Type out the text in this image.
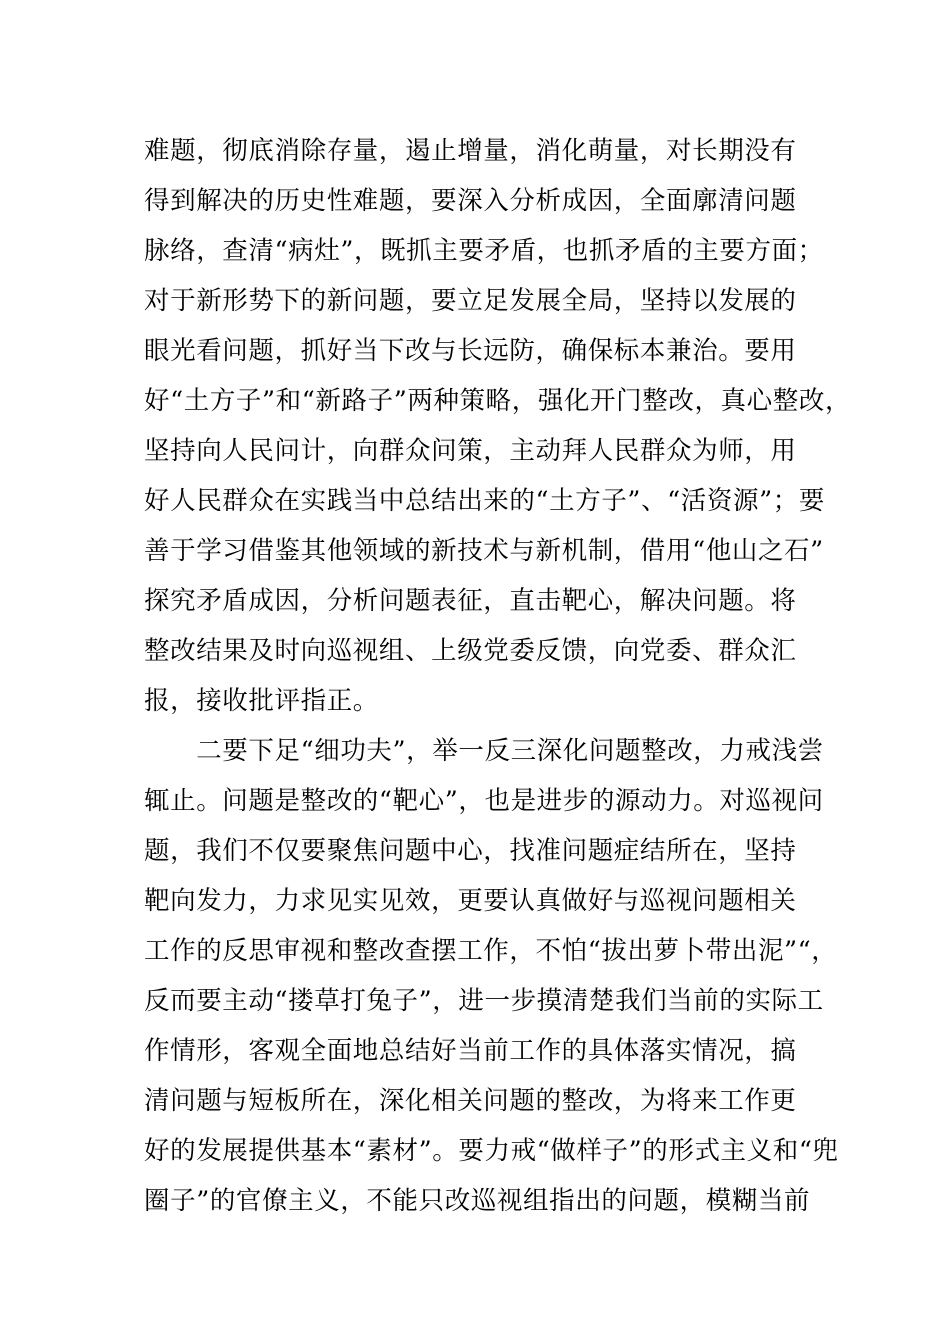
难题，彻底消除存量，遏止增量，消化萌量，对长期没有
得到解决的历史性难题，要深入分析成因，全面廓清问题
脉络，查清“病灶”，既抓主要矛盾，也抓矛盾的主要方面；
对于新形势下的新问题，要立足发展全局，坚持以发展的
眼光看问题，抓好当下改与长远防，确保标本兼治。要用
好“土方子”和“新路子”两种策略，强化开门整改，真心整改，
坚持向人民问计，向群众问策，主动拜人民群众为师，用
好人民群众在实践当中总结出来的“土方子”、“活资源”；要
善于学习借鉴其他领域的新技术与新机制，借用“他山之石”
探究矛盾成因，分析问题表征，直击靶心，解决问题。将
整改结果及时向巡视组、上级党委反馈，向党委、群众汇
报，接收批评指正。
　　二要下足“细功夫”，举一反三深化问题整改，力戒浅尝
辄止。问题是整改的“靶心”，也是进步的源动力。对巡视问
题，我们不仅要聚焦问题中心，找准问题症结所在，坚持
靶向发力，力求见实见效，更要认真做好与巡视问题相关
工作的反思审视和整改查摆工作，不怕“拔出萝卜带出泥”“，
反而要主动“搂草打兔子”，进一步摸清楚我们当前的实际工
作情形，客观全面地总结好当前工作的具体落实情况，搞
清问题与短板所在，深化相关问题的整改，为将来工作更
好的发展提供基本“素材”。要力戒“做样子”的形式主义和“兜
圈子”的官僚主义，不能只改巡视组指出的问题，模糊当前
